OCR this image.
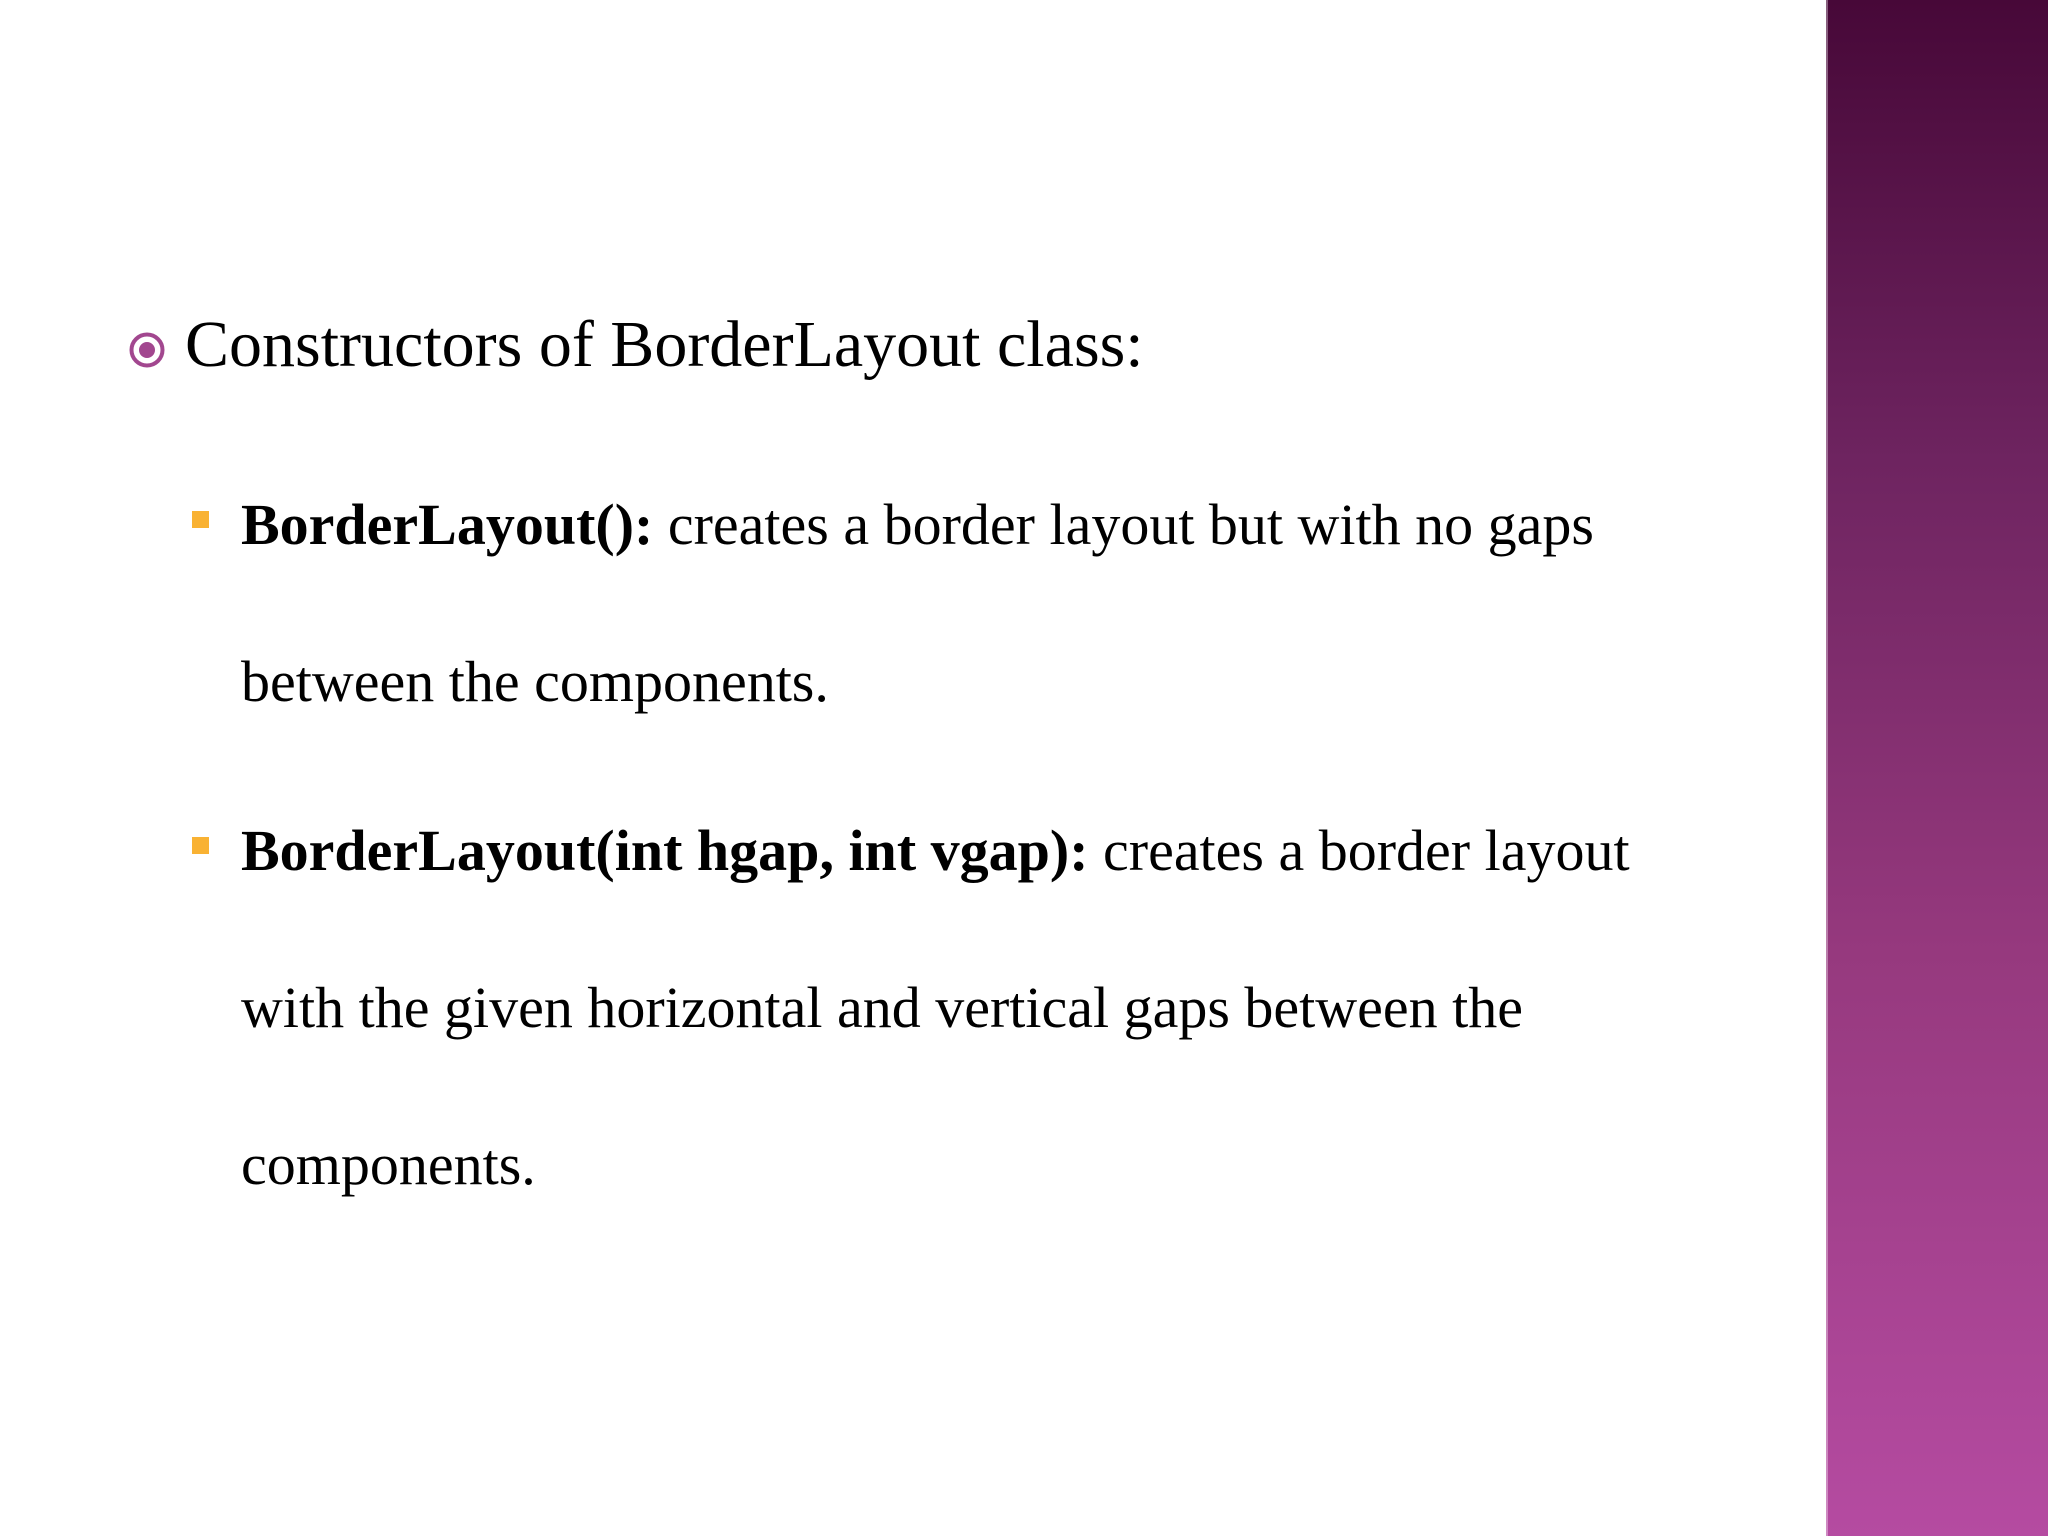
Constructors of BorderLayout class:
BorderLayout(): creates a border layout but with no gaps between the components.
BorderLayout(int hgap, int vgap): creates a border layout with the given horizontal and vertical gaps between the components.
